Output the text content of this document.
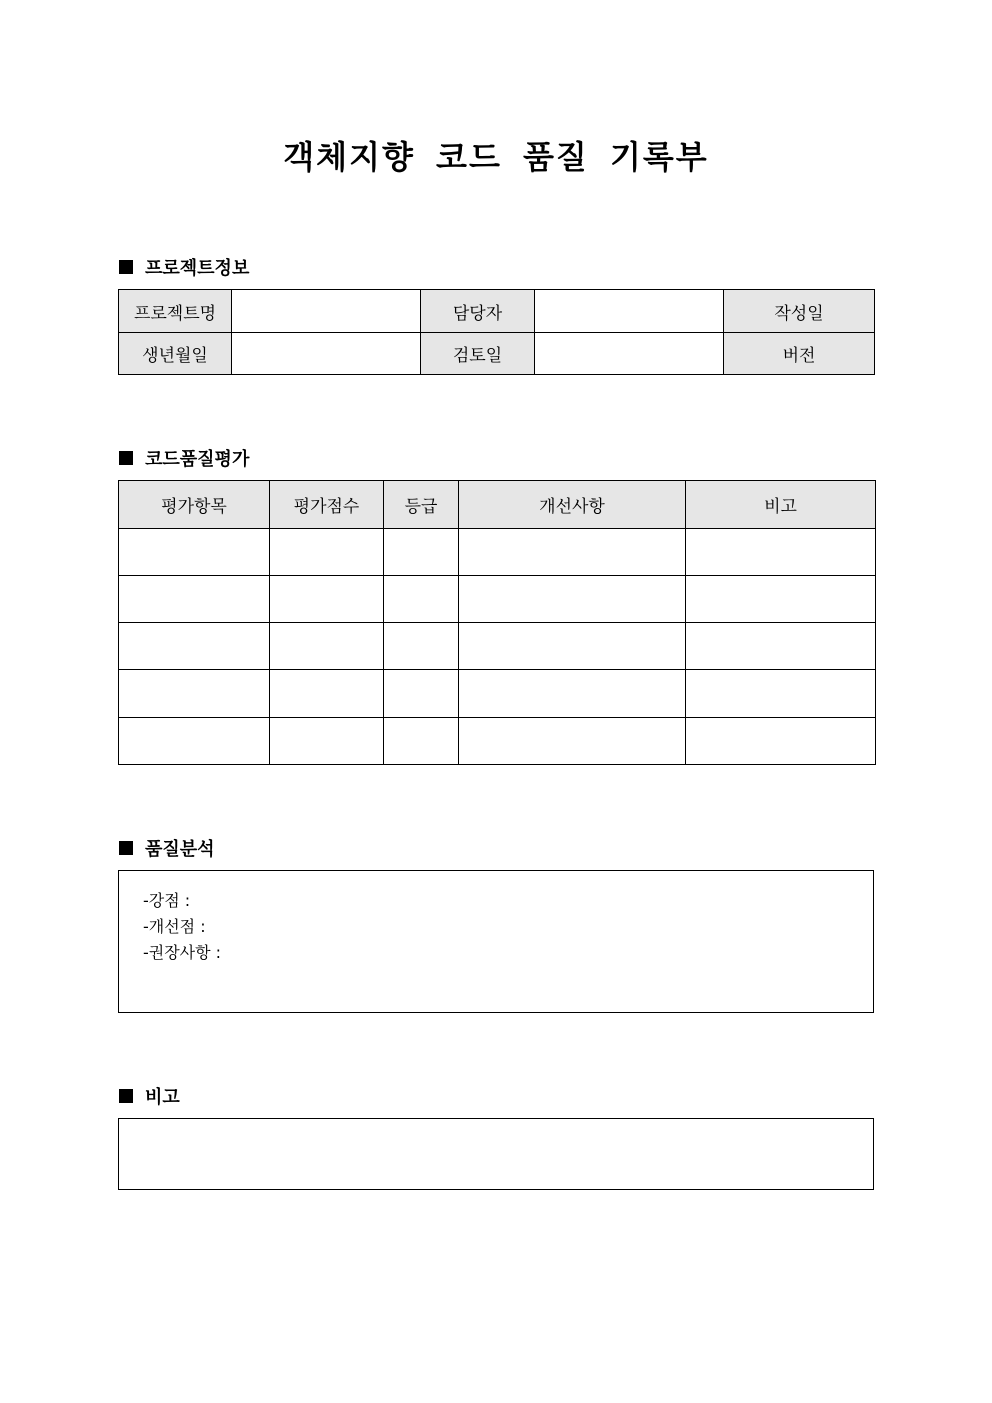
객체지향 코드 품질 기록부
프로젝트정보
프로젝트명		담당자		작성일	
생년월일		검토일		버전	
코드품질평가
평가항목	평가점수	등급	개선사항	비고

품질분석
-강점 :
-개선점 :
-권장사항 :
비고
